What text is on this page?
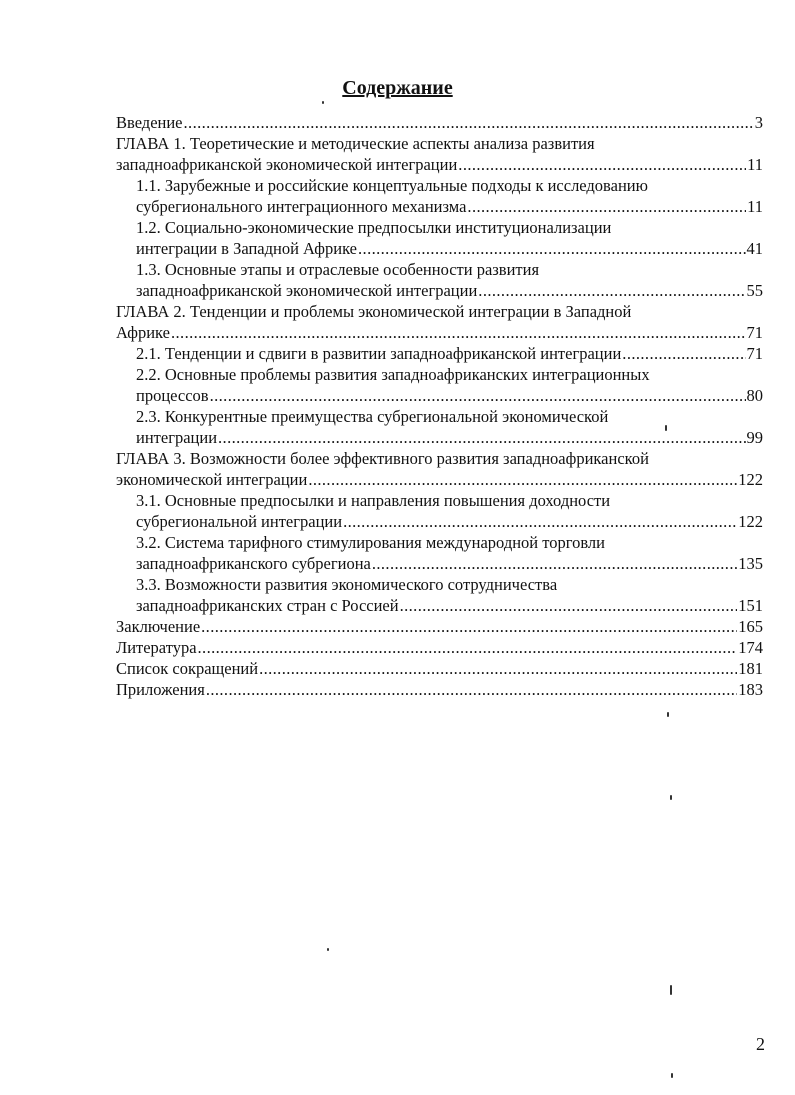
Содержание
Введение .....	3
ГЛАВА 1. Теоретические и методические аспекты анализа развития
западноафриканской экономической интеграции .....	11
1.1. Зарубежные и российские концептуальные подходы к исследованию
субрегионального интеграционного механизма .....	11
1.2. Социально-экономические предпосылки институционализации
интеграции в Западной Африке .....	41
1.3. Основные этапы и отраслевые особенности развития
западноафриканской экономической интеграции .....	55
ГЛАВА 2. Тенденции и проблемы экономической интеграции в Западной
Африке .....	71
2.1. Тенденции и сдвиги в развитии западноафриканской интеграции .....	71
2.2. Основные проблемы развития западноафриканских интеграционных
процессов .....	80
2.3. Конкурентные преимущества субрегиональной экономической
интеграции .....	99
ГЛАВА 3. Возможности более эффективного развития западноафриканской
экономической интеграции .....	122
3.1. Основные предпосылки и направления повышения доходности
субрегиональной интеграции .....	122
3.2. Система тарифного стимулирования международной торговли
западноафриканского субрегиона .....	135
3.3. Возможности развития экономического сотрудничества
западноафриканских стран с Россией .....	151
Заключение .....	165
Литература .....	174
Список сокращений .....	181
Приложения .....	183
2
